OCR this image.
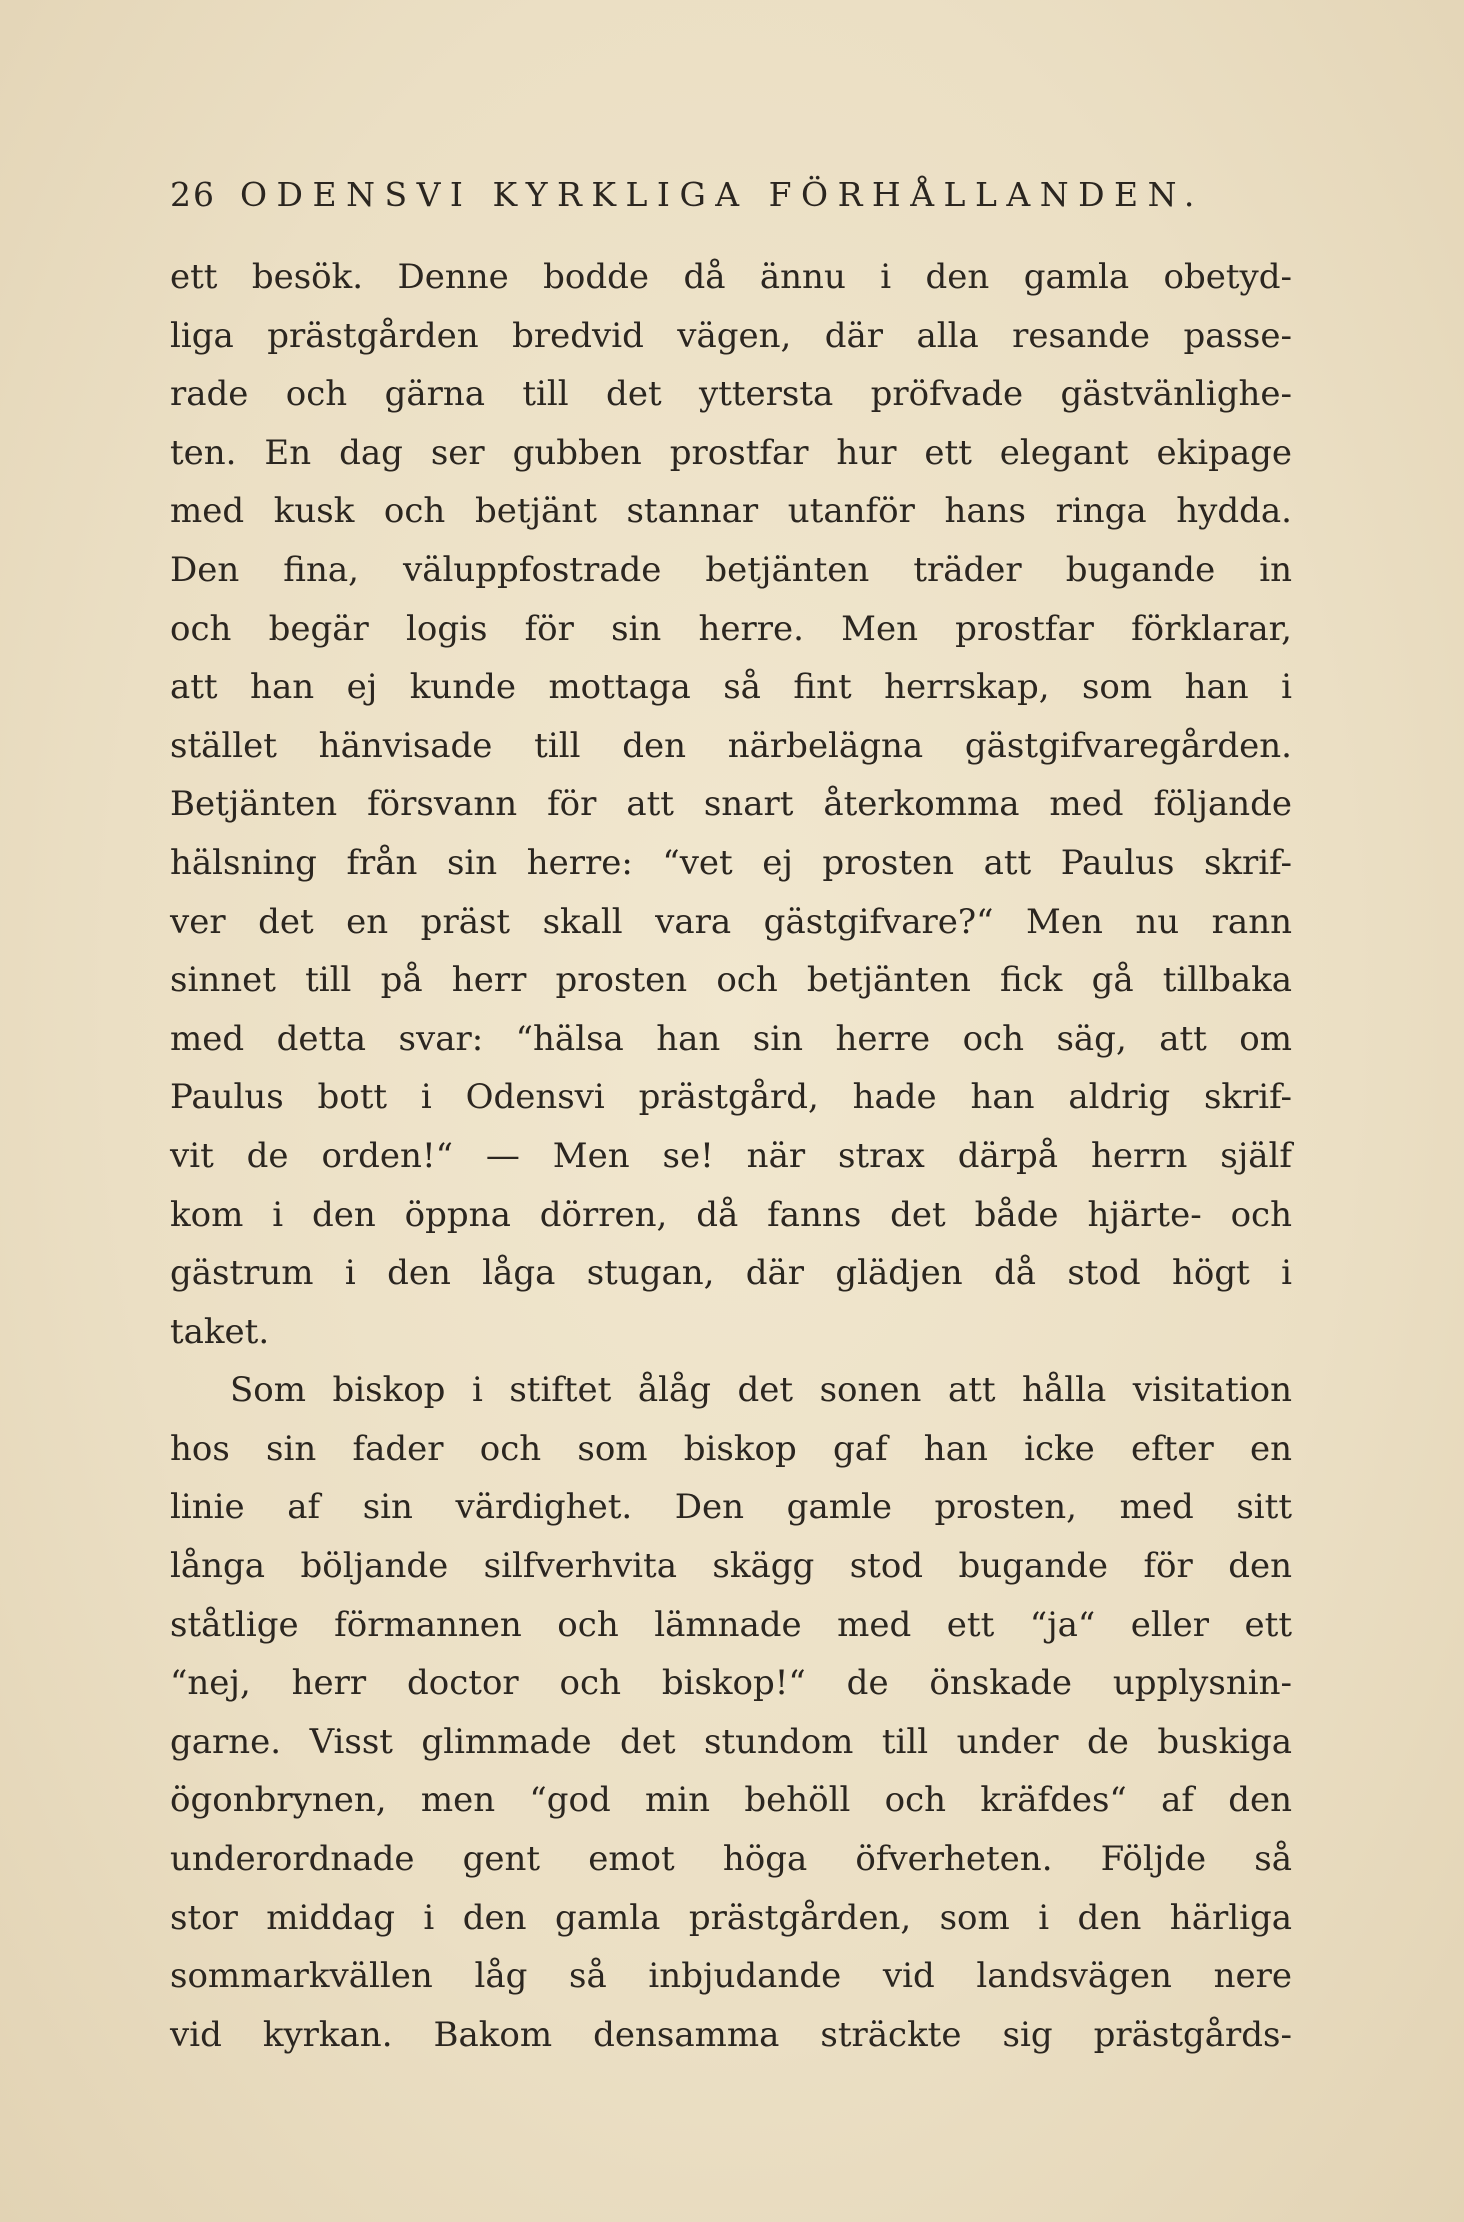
26 ODENSVI KYRKLIGA FÖRHÅLLANDEN.
ett besök. Denne bodde då ännu i den gamla obetyd-
liga prästgården bredvid vägen, där alla resande passe-
rade och gärna till det yttersta pröfvade gästvänlighe-
ten. En dag ser gubben prostfar hur ett elegant ekipage
med kusk och betjänt stannar utanför hans ringa hydda.
Den fina, väluppfostrade betjänten träder bugande in
och begär logis för sin herre. Men prostfar förklarar,
att han ej kunde mottaga så fint herrskap, som han i
stället hänvisade till den närbelägna gästgifvaregården.
Betjänten försvann för att snart återkomma med följande
hälsning från sin herre: “vet ej prosten att Paulus skrif-
ver det en präst skall vara gästgifvare?“ Men nu rann
sinnet till på herr prosten och betjänten fick gå tillbaka
med detta svar: “hälsa han sin herre och säg, att om
Paulus bott i Odensvi prästgård, hade han aldrig skrif-
vit de orden!“ — Men se! när strax därpå herrn själf
kom i den öppna dörren, då fanns det både hjärte- och
gästrum i den låga stugan, där glädjen då stod högt i
taket.
Som biskop i stiftet ålåg det sonen att hålla visitation
hos sin fader och som biskop gaf han icke efter en
linie af sin värdighet. Den gamle prosten, med sitt
långa böljande silfverhvita skägg stod bugande för den
ståtlige förmannen och lämnade med ett “ja“ eller ett
“nej, herr doctor och biskop!“ de önskade upplysnin-
garne. Visst glimmade det stundom till under de buskiga
ögonbrynen, men “god min behöll och kräfdes“ af den
underordnade gent emot höga öfverheten. Följde så
stor middag i den gamla prästgården, som i den härliga
sommarkvällen låg så inbjudande vid landsvägen nere
vid kyrkan. Bakom densamma sträckte sig prästgårds-
